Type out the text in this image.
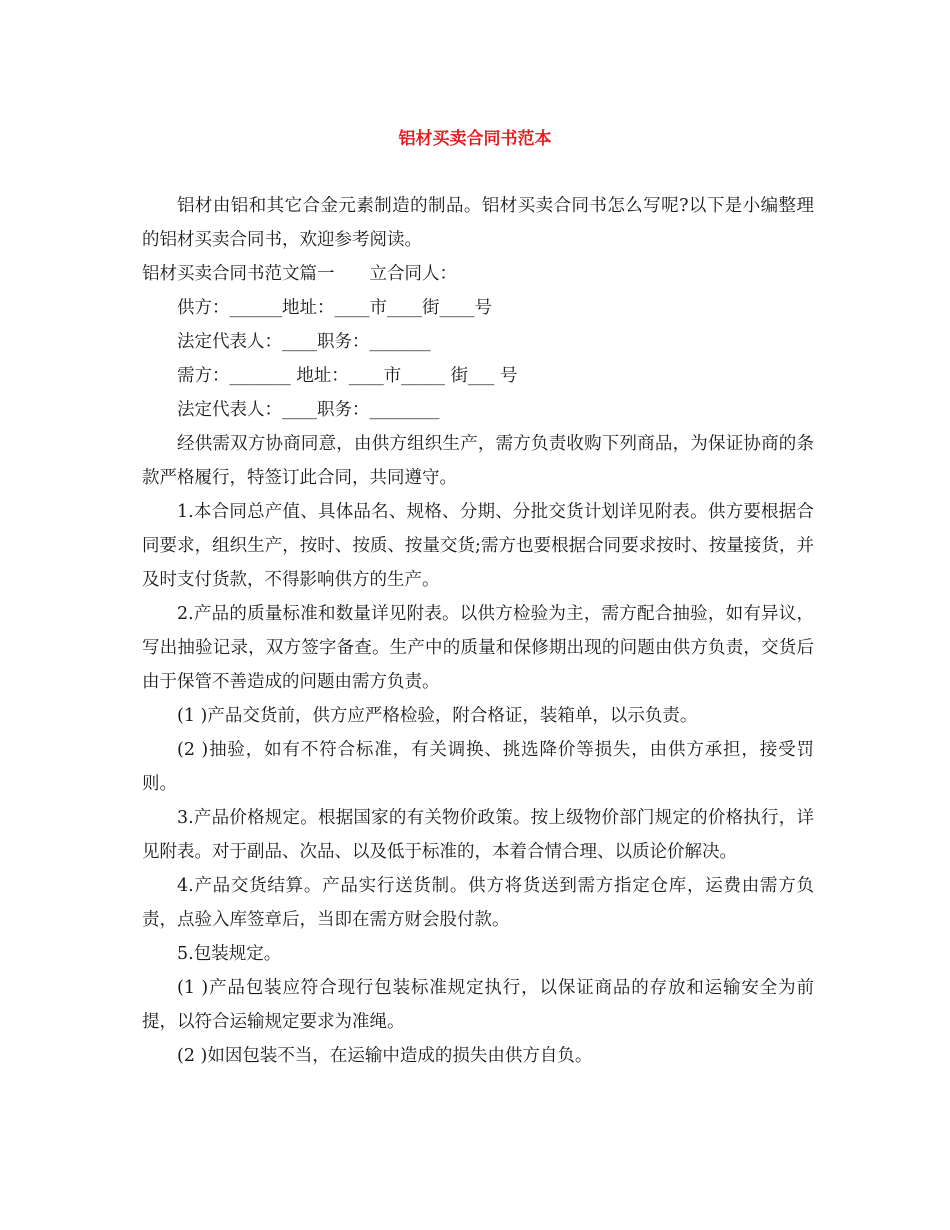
铝材买卖合同书范本

铝材由铝和其它合金元素制造的制品。铝材买卖合同书怎么写呢?以下是小编整理的铝材买卖合同书，欢迎参考阅读。

铝材买卖合同书范文篇一　　立合同人：

供方：______地址：____市____街____号

法定代表人：____职务：_______

需方：_______ 地址：____市_____ 街___ 号

法定代表人：____职务：________

经供需双方协商同意，由供方组织生产，需方负责收购下列商品，为保证协商的条款严格履行，特签订此合同，共同遵守。

1.本合同总产值、具体品名、规格、分期、分批交货计划详见附表。供方要根据合同要求，组织生产，按时、按质、按量交货;需方也要根据合同要求按时、按量接货，并及时支付货款，不得影响供方的生产。

2.产品的质量标准和数量详见附表。以供方检验为主，需方配合抽验，如有异议，写出抽验记录，双方签字备查。生产中的质量和保修期出现的问题由供方负责，交货后由于保管不善造成的问题由需方负责。

(1 )产品交货前，供方应严格检验，附合格证，装箱单，以示负责。

(2 )抽验，如有不符合标准，有关调换、挑选降价等损失，由供方承担，接受罚则。

3.产品价格规定。根据国家的有关物价政策。按上级物价部门规定的价格执行，详见附表。对于副品、次品、以及低于标准的，本着合情合理、以质论价解决。

4.产品交货结算。产品实行送货制。供方将货送到需方指定仓库，运费由需方负责，点验入库签章后，当即在需方财会股付款。

5.包装规定。

(1 )产品包装应符合现行包装标准规定执行，以保证商品的存放和运输安全为前提，以符合运输规定要求为准绳。

(2 )如因包装不当，在运输中造成的损失由供方自负。
